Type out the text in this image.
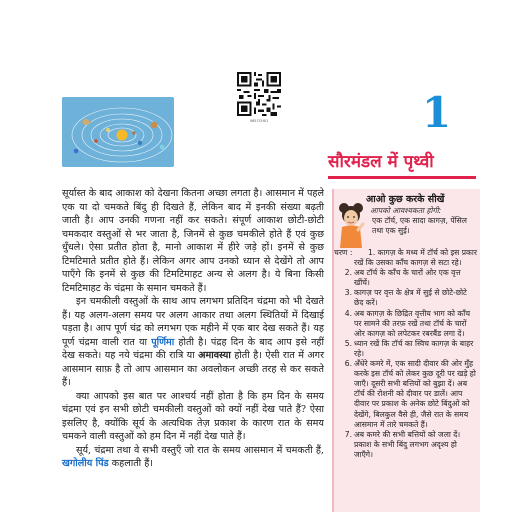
0657CH01	1
सौरमंडल में पृथ्वी

सूर्यास्त के बाद आकाश को देखना कितना अच्छा लगता है। आसमान में पहले एक या दो चमकते बिंदु ही दिखते हैं, लेकिन बाद में इनकी संख्या बढ़ती जाती है। आप उनकी गणना नहीं कर सकते। संपूर्ण आकाश छोटी-छोटी चमकदार वस्तुओं से भर जाता है, जिनमें से कुछ चमकीले होते हैं एवं कुछ धुँधले। ऐसा प्रतीत होता है, मानो आकाश में हीरे जड़े हों। इनमें से कुछ टिमटिमाते प्रतीत होते हैं। लेकिन अगर आप उनको ध्यान से देखेंगे तो आप पाएँगे कि इनमें से कुछ की टिमटिमाहट अन्य से अलग है। ये बिना किसी टिमटिमाहट के चंद्रमा के समान चमकते हैं।

इन चमकीली वस्तुओं के साथ आप लगभग प्रतिदिन चंद्रमा को भी देखते हैं। यह अलग-अलग समय पर अलग आकार तथा अलग स्थितियों में दिखाई पड़ता है। आप पूर्ण चंद्र को लगभग एक महीने में एक बार देख सकते हैं। यह पूर्ण चंद्रमा वाली रात या पूर्णिमा होती है। पंद्रह दिन के बाद आप इसे नहीं देख सकते। यह नये चंद्रमा की रात्रि या अमावस्या होती है। ऐसी रात में अगर आसमान साफ़ है तो आप आसमान का अवलोकन अच्छी तरह से कर सकते हैं।

क्या आपको इस बात पर आश्चर्य नहीं होता है कि हम दिन के समय चंद्रमा एवं इन सभी छोटी चमकीली वस्तुओं को क्यों नहीं देख पाते हैं? ऐसा इसलिए है, क्योंकि सूर्य के अत्यधिक तेज़ प्रकाश के कारण रात के समय चमकने वाली वस्तुओं को हम दिन में नहीं देख पाते हैं।

सूर्य, चंद्रमा तथा वे सभी वस्तुएँ जो रात के समय आसमान में चमकती हैं, खगोलीय पिंड कहलाती हैं।

आओ कुछ करके सीखें
आपको आवश्यकता होगी:
एक टॉर्च, एक सादा कागज़, पेंसिल तथा एक सुई।
चरण : 1. कागज़ के मध्य में टॉर्च को इस प्रकार रखें कि उसका काँच कागज़ से सटा रहे।
2. अब टॉर्च के काँच के चारों ओर एक वृत्त खींचें।
3. कागज़ पर वृत्त के क्षेत्र में सुई से छोटे-छोटे छेद करें।
4. अब कागज़ के छिद्रित वृत्तीय भाग को काँच पर सामने की तरफ़ रखें तथा टॉर्च के चारों ओर कागज़ को लपेटकर रबरबैंड लगा दें।
5. ध्यान रखें कि टॉर्च का स्विच कागज़ के बाहर रहे।
6. अँधेरे कमरे में, एक सादी दीवार की ओर मुँह करके इस टॉर्च को लेकर कुछ दूरी पर खड़े हो जाएँ। दूसरी सभी बत्तियों को बुझा दें। अब टॉर्च की रोशनी को दीवार पर डालें। आप दीवार पर प्रकाश के अनेक छोटे बिंदुओं को देखेंगे, बिलकुल वैसे ही, जैसे रात के समय आसमान में तारे चमकते हैं।
7. अब कमरे की सभी बत्तियों को जला दें। प्रकाश के सभी बिंदु लगभग अदृश्य हो जाएँगे।
